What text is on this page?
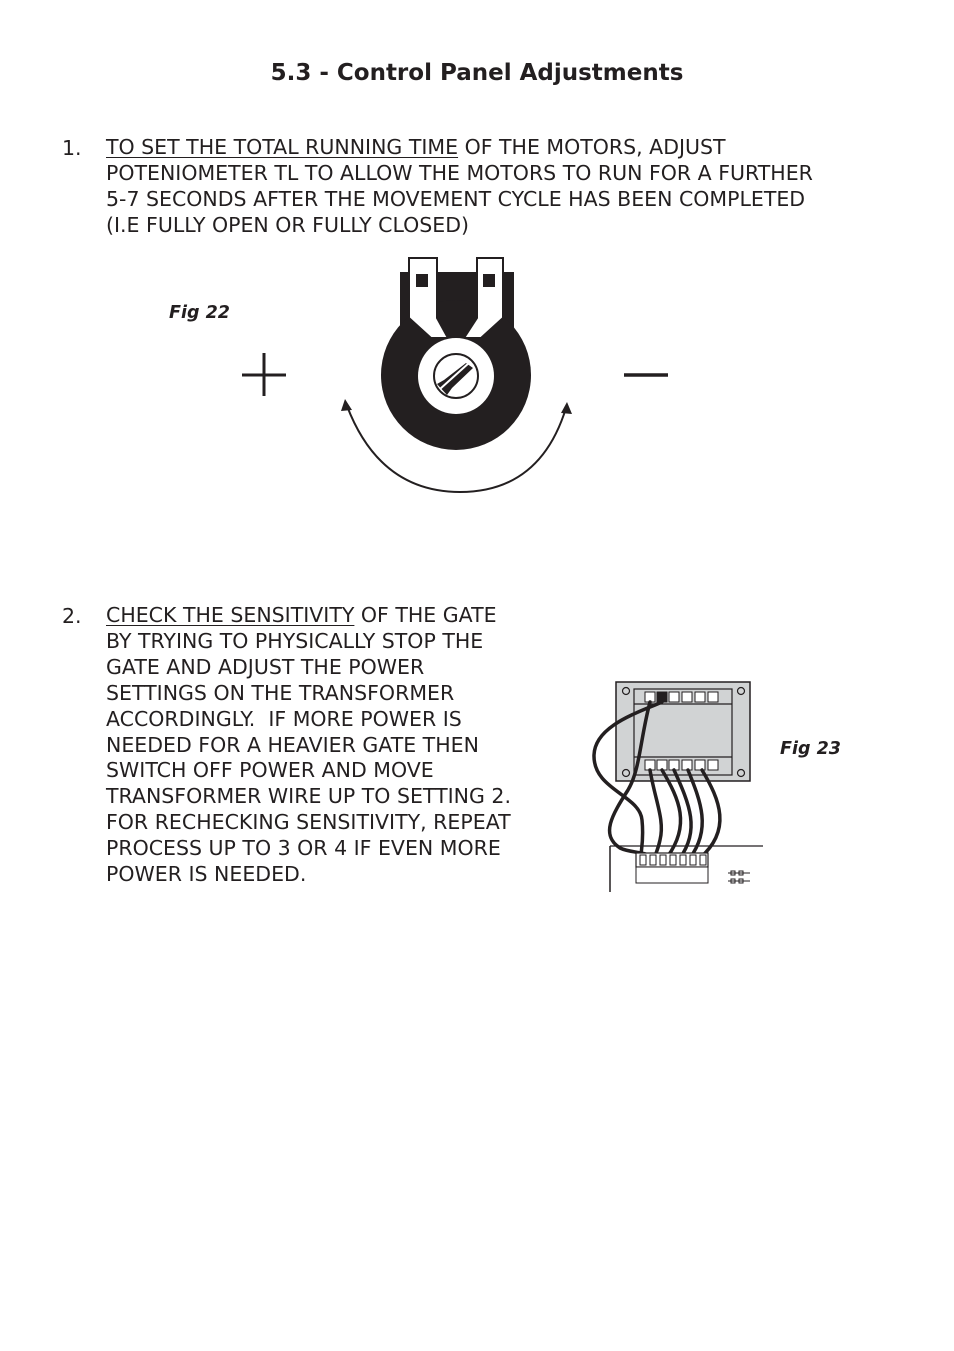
5.3 - Control Panel Adjustments
1. TO SET THE TOTAL RUNNING TIME OF THE MOTORS, ADJUST
POTENIOMETER TL TO ALLOW THE MOTORS TO RUN FOR A FURTHER
5-7 SECONDS AFTER THE MOVEMENT CYCLE HAS BEEN COMPLETED
(I.E FULLY OPEN OR FULLY CLOSED)
Fig 22
2. CHECK THE SENSITIVITY OF THE GATE
BY TRYING TO PHYSICALLY STOP THE
GATE AND ADJUST THE POWER
SETTINGS ON THE TRANSFORMER
ACCORDINGLY.  IF MORE POWER IS
NEEDED FOR A HEAVIER GATE THEN
SWITCH OFF POWER AND MOVE
TRANSFORMER WIRE UP TO SETTING 2.
FOR RECHECKING SENSITIVITY, REPEAT
PROCESS UP TO 3 OR 4 IF EVEN MORE
POWER IS NEEDED.
Fig 23
